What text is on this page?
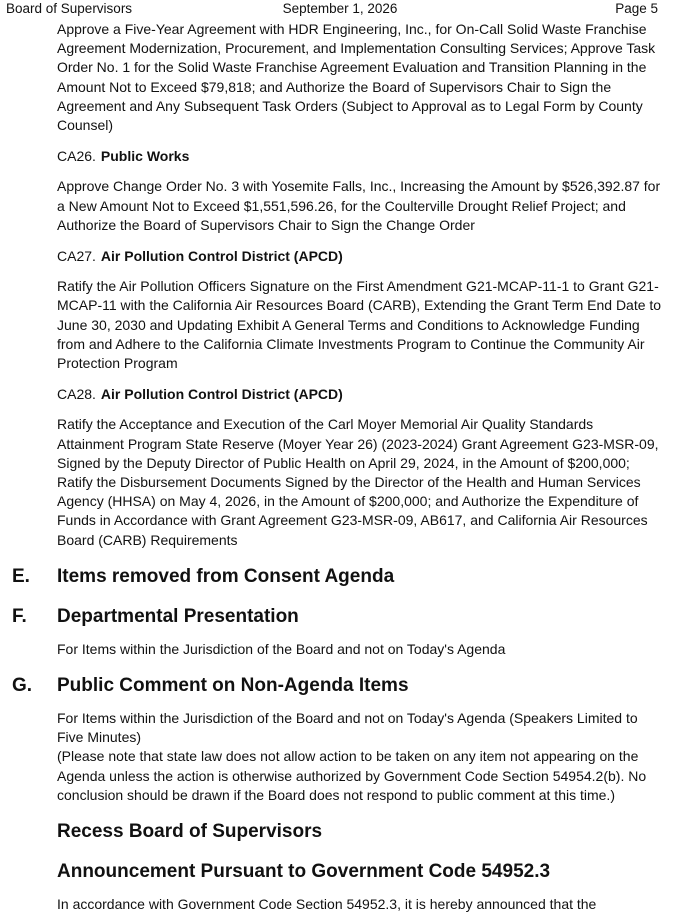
Board of Supervisors	September 1, 2026	Page 5

Approve a Five-Year Agreement with HDR Engineering, Inc., for On-Call Solid Waste Franchise Agreement Modernization, Procurement, and Implementation Consulting Services; Approve Task Order No. 1 for the Solid Waste Franchise Agreement Evaluation and Transition Planning in the Amount Not to Exceed $79,818; and Authorize the Board of Supervisors Chair to Sign the Agreement and Any Subsequent Task Orders (Subject to Approval as to Legal Form by County Counsel)

CA26. Public Works

Approve Change Order No. 3 with Yosemite Falls, Inc., Increasing the Amount by $526,392.87 for a New Amount Not to Exceed $1,551,596.26, for the Coulterville Drought Relief Project; and Authorize the Board of Supervisors Chair to Sign the Change Order

CA27. Air Pollution Control District (APCD)

Ratify the Air Pollution Officers Signature on the First Amendment G21-MCAP-11-1 to Grant G21-MCAP-11 with the California Air Resources Board (CARB), Extending the Grant Term End Date to June 30, 2030 and Updating Exhibit A General Terms and Conditions to Acknowledge Funding from and Adhere to the California Climate Investments Program to Continue the Community Air Protection Program

CA28. Air Pollution Control District (APCD)

Ratify the Acceptance and Execution of the Carl Moyer Memorial Air Quality Standards Attainment Program State Reserve (Moyer Year 26) (2023-2024) Grant Agreement G23-MSR-09, Signed by the Deputy Director of Public Health on April 29, 2024, in the Amount of $200,000; Ratify the Disbursement Documents Signed by the Director of the Health and Human Services Agency (HHSA) on May 4, 2026, in the Amount of $200,000; and Authorize the Expenditure of Funds in Accordance with Grant Agreement G23-MSR-09, AB617, and California Air Resources Board (CARB) Requirements

E. Items removed from Consent Agenda
F. Departmental Presentation

For Items within the Jurisdiction of the Board and not on Today's Agenda

G. Public Comment on Non-Agenda Items

For Items within the Jurisdiction of the Board and not on Today's Agenda (Speakers Limited to Five Minutes)

(Please note that state law does not allow action to be taken on any item not appearing on the Agenda unless the action is otherwise authorized by Government Code Section 54954.2(b). No conclusion should be drawn if the Board does not respond to public comment at this time.)

Recess Board of Supervisors
Announcement Pursuant to Government Code 54952.3

In accordance with Government Code Section 54952.3, it is hereby announced that the
